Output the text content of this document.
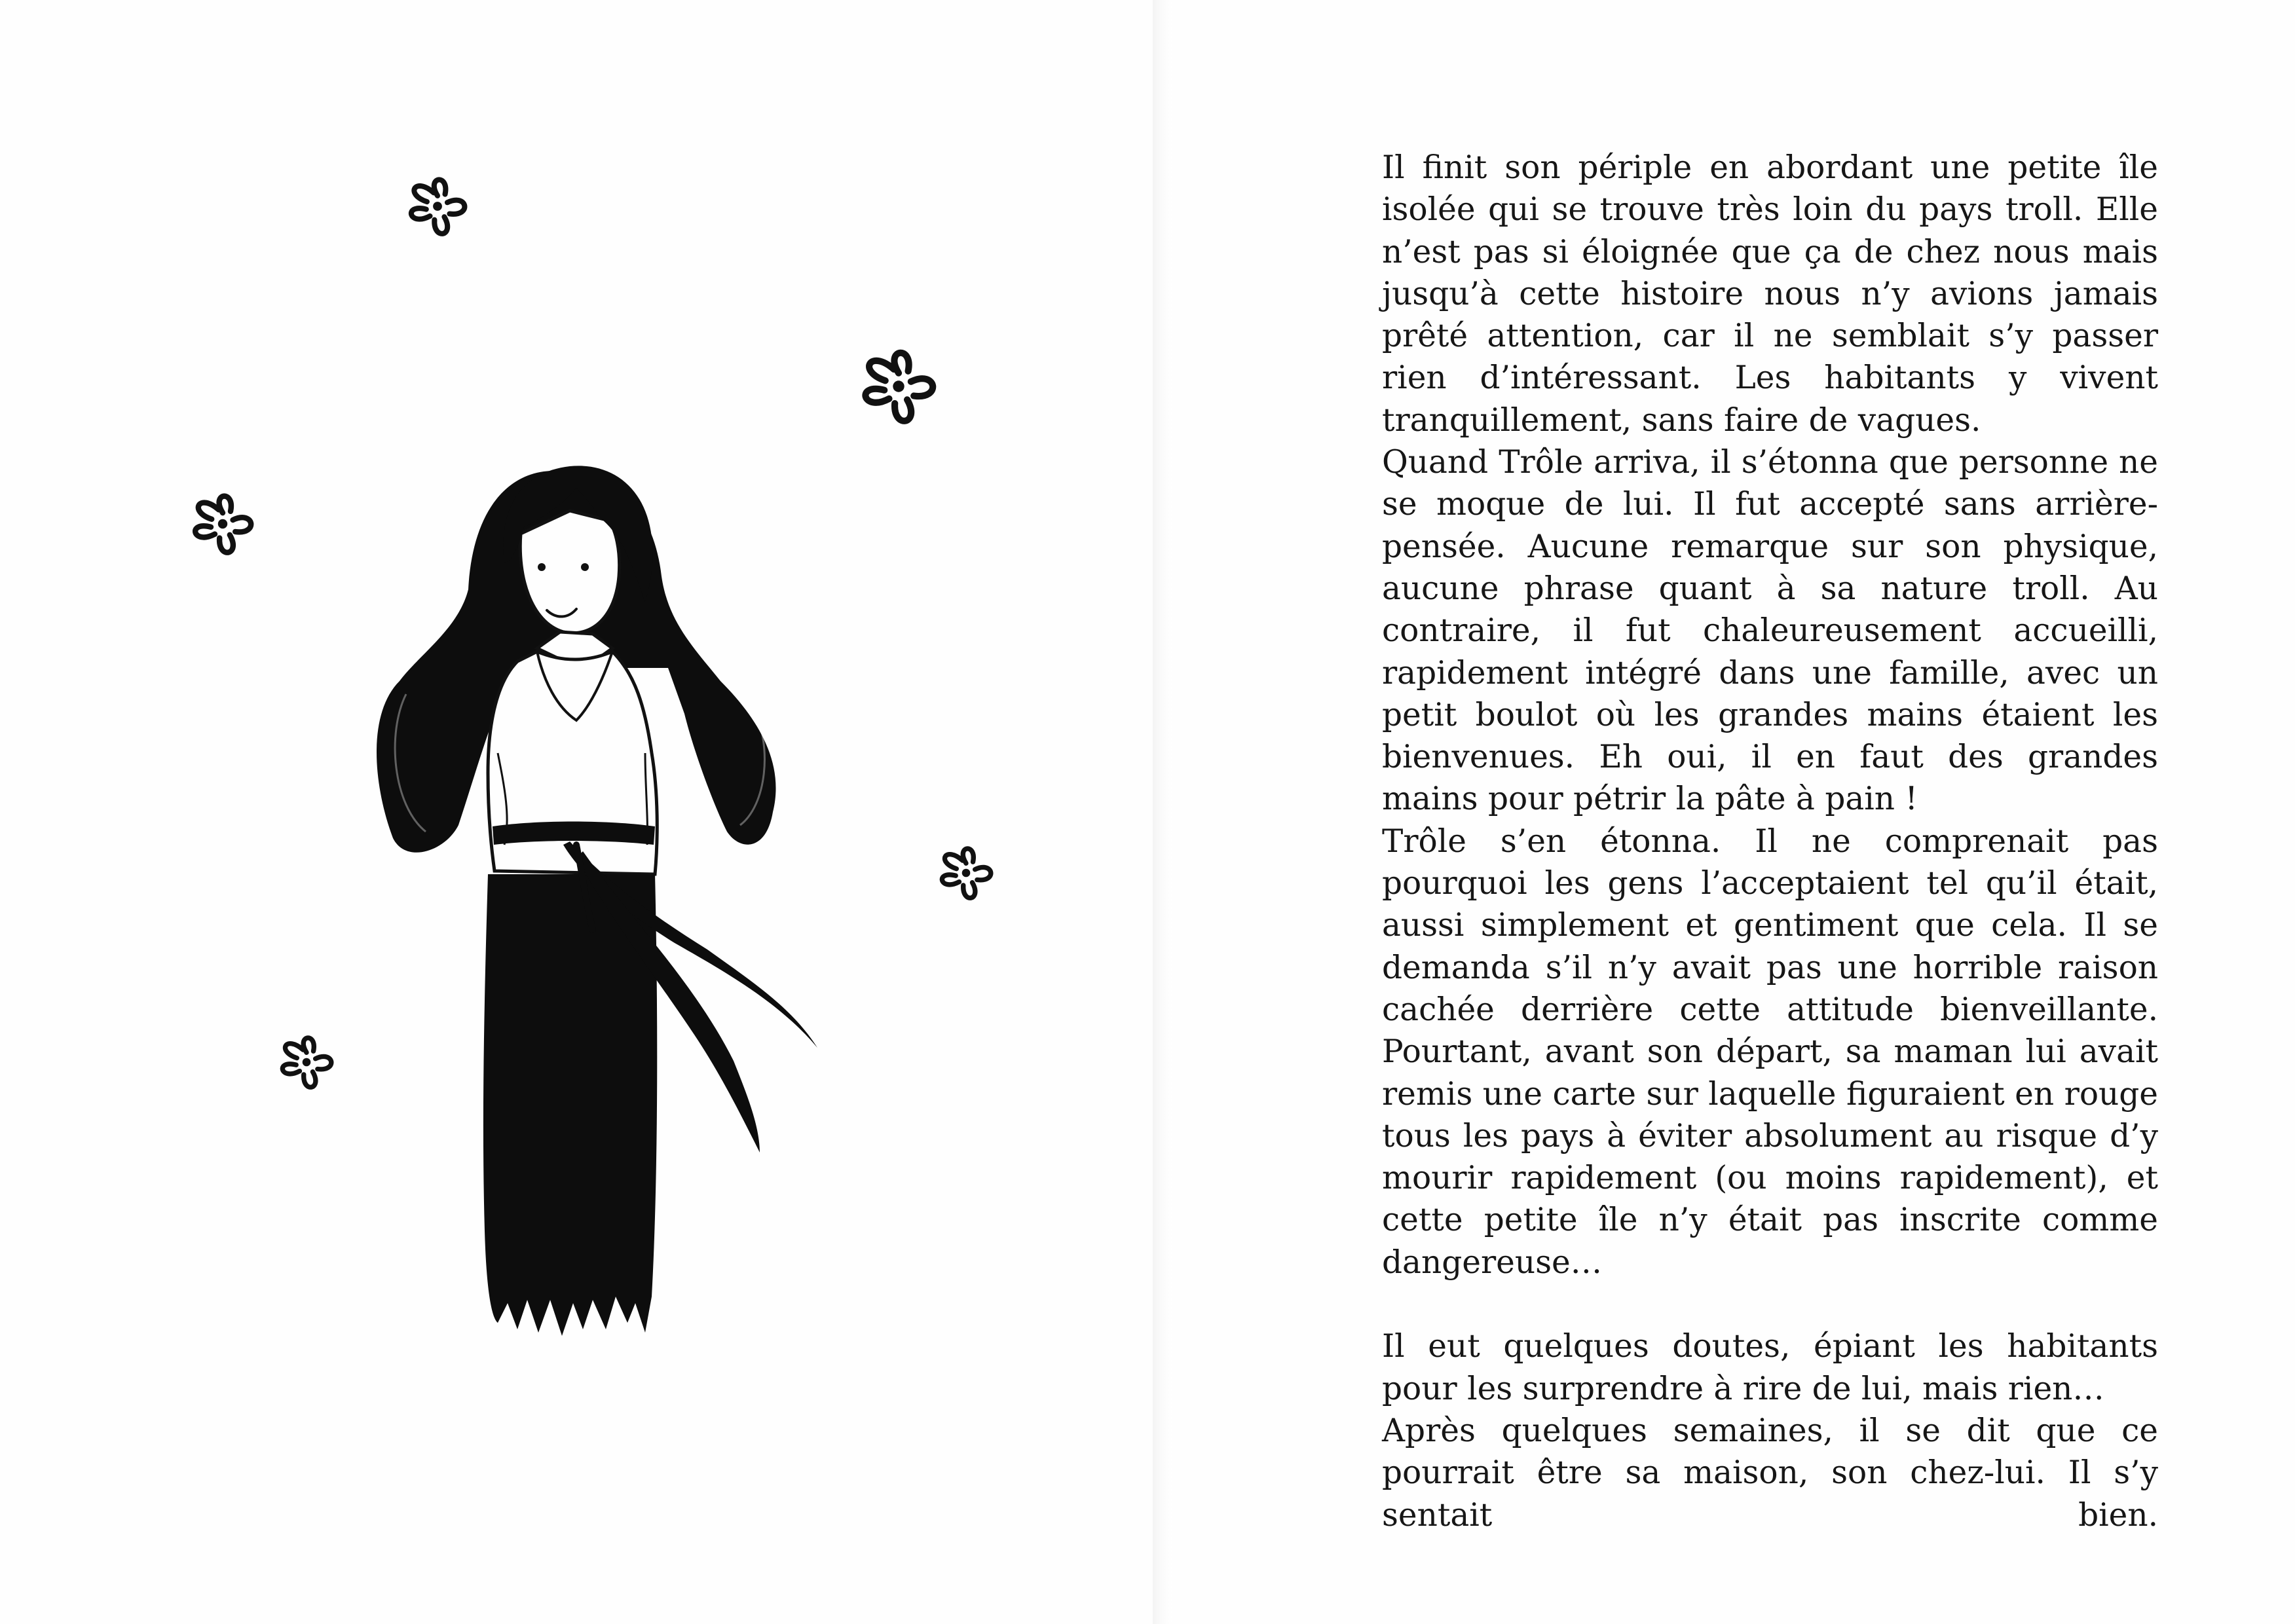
Il finit son périple en abordant une petite île isolée qui se trouve très loin du pays troll. Elle n’est pas si éloignée que ça de chez nous mais jusqu’à cette histoire nous n’y avions jamais prêté attention, car il ne semblait s’y passer rien d’intéressant. Les habitants y vivent tranquillement, sans faire de vagues.

Quand Trôle arriva, il s’étonna que personne ne se moque de lui. Il fut accepté sans arrière-pensée. Aucune remarque sur son physique, aucune phrase quant à sa nature troll. Au contraire, il fut chaleureusement accueilli, rapidement intégré dans une famille, avec un petit boulot où les grandes mains étaient les bienvenues. Eh oui, il en faut des grandes mains pour pétrir la pâte à pain !

Trôle s’en étonna. Il ne comprenait pas pourquoi les gens l’acceptaient tel qu’il était, aussi simplement et gentiment que cela. Il se demanda s’il n’y avait pas une horrible raison cachée derrière cette attitude bienveillante. Pourtant, avant son départ, sa maman lui avait remis une carte sur laquelle figuraient en rouge tous les pays à éviter absolument au risque d’y mourir rapidement (ou moins rapidement), et cette petite île n’y était pas inscrite comme dangereuse…

Il eut quelques doutes, épiant les habitants pour les surprendre à rire de lui, mais rien…

Après quelques semaines, il se dit que ce pourrait être sa maison, son chez-lui. Il s’y sentait bien.
